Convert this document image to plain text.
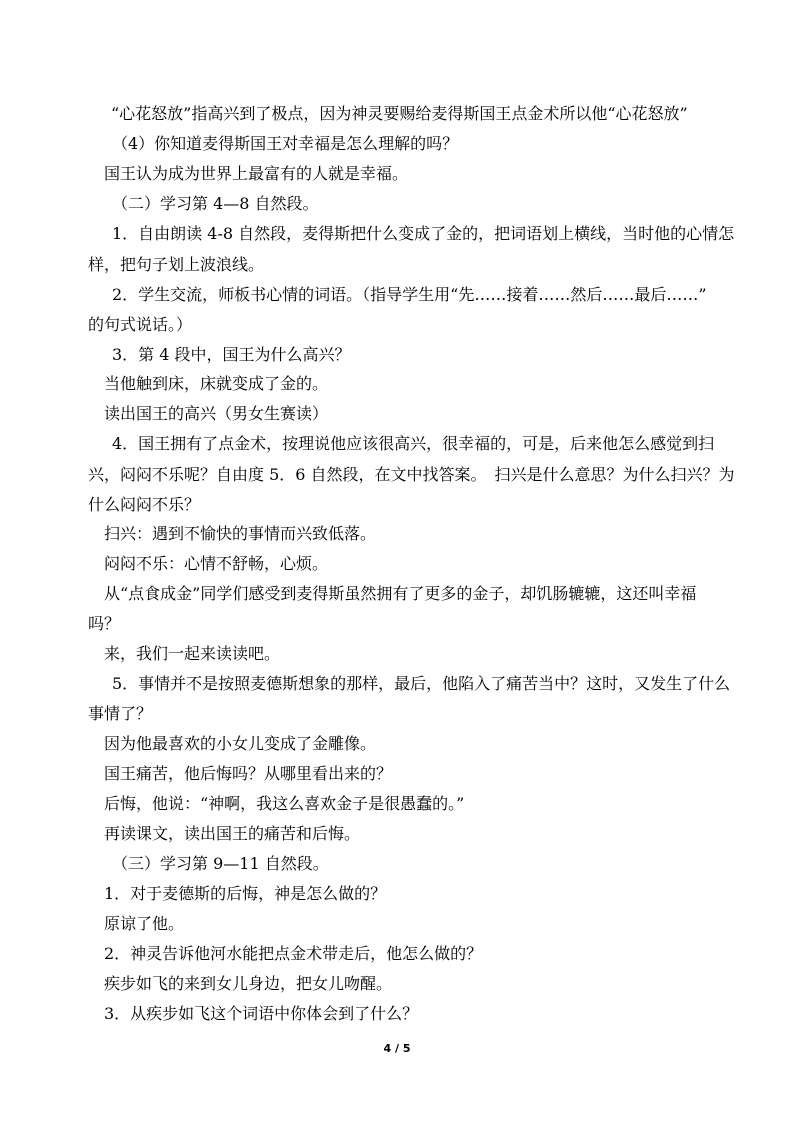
“心花怒放”指高兴到了极点，因为神灵要赐给麦得斯国王点金术所以他“心花怒放”
（4）你知道麦得斯国王对幸福是怎么理解的吗？
国王认为成为世界上最富有的人就是幸福。
（二）学习第 4—8 自然段。
1．自由朗读 4-8 自然段，麦得斯把什么变成了金的，把词语划上横线，当时他的心情怎
样，把句子划上波浪线。
2．学生交流，师板书心情的词语。（指导学生用“先……接着……然后……最后……”
的句式说话。）
3．第 4 段中，国王为什么高兴？
当他触到床，床就变成了金的。
读出国王的高兴（男女生赛读）
4．国王拥有了点金术，按理说他应该很高兴，很幸福的，可是，后来他怎么感觉到扫
兴，闷闷不乐呢？自由度 5．6 自然段，在文中找答案。　扫兴是什么意思？为什么扫兴？为
什么闷闷不乐？
扫兴：遇到不愉快的事情而兴致低落。
闷闷不乐：心情不舒畅，心烦。
从“点食成金”同学们感受到麦得斯虽然拥有了更多的金子，却饥肠辘辘，这还叫幸福
吗？
来，我们一起来读读吧。
5．事情并不是按照麦德斯想象的那样，最后，他陷入了痛苦当中？这时，又发生了什么
事情了？
因为他最喜欢的小女儿变成了金雕像。
国王痛苦，他后悔吗？从哪里看出来的？
后悔，他说：“神啊，我这么喜欢金子是很愚蠢的。”
再读课文，读出国王的痛苦和后悔。
（三）学习第 9—11 自然段。
1．对于麦德斯的后悔，神是怎么做的？
原谅了他。
2．神灵告诉他河水能把点金术带走后，他怎么做的？
疾步如飞的来到女儿身边，把女儿吻醒。
3．从疾步如飞这个词语中你体会到了什么？
4 / 5
